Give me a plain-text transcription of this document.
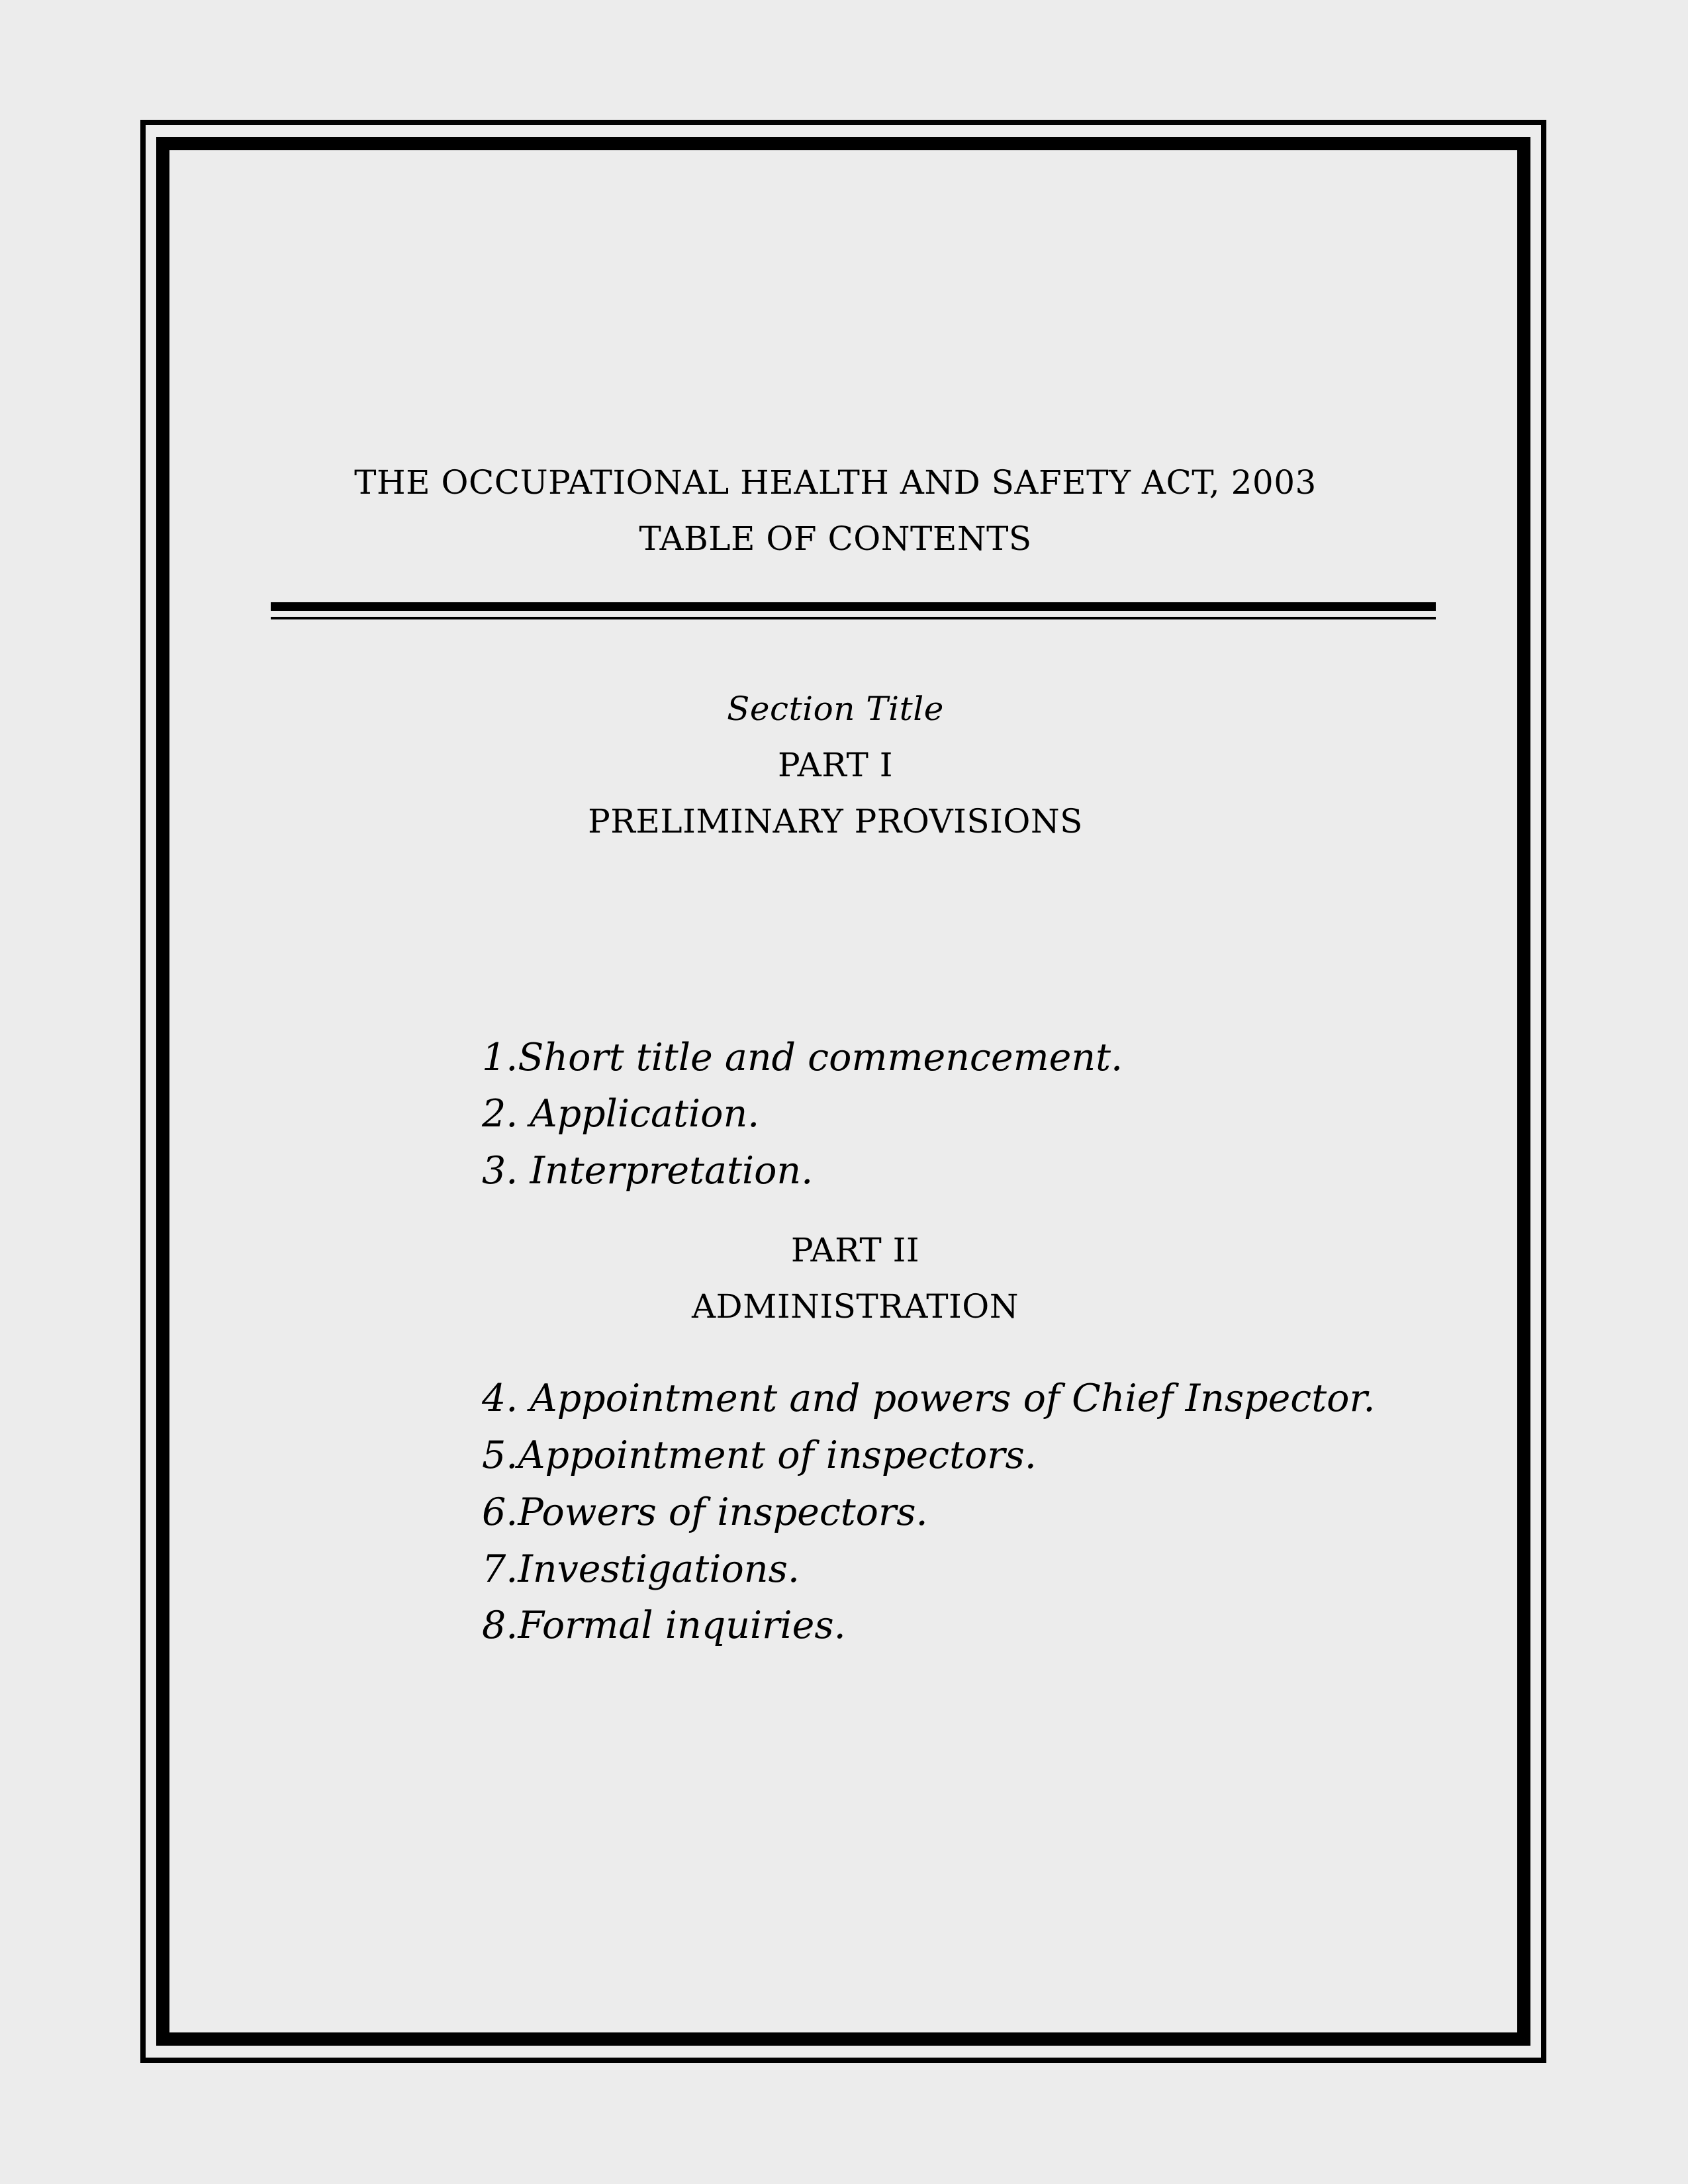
THE OCCUPATIONAL HEALTH AND SAFETY ACT, 2003
TABLE OF CONTENTS
Section Title
PART I
PRELIMINARY PROVISIONS
1.Short title and commencement.
2. Application.
3. Interpretation.
PART II
ADMINISTRATION
4. Appointment and powers of Chief Inspector.
5.Appointment of inspectors.
6.Powers of inspectors.
7.Investigations.
8.Formal inquiries.
